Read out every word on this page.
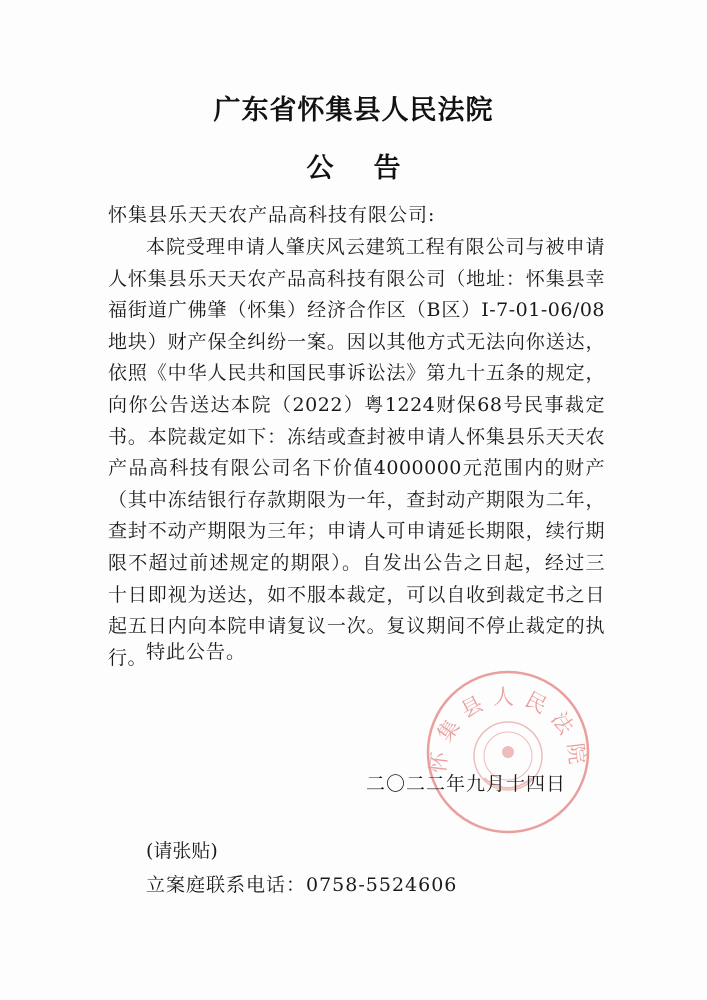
广东省怀集县人民法院
公告
怀集县乐天天农产品高科技有限公司:

本院受理申请人肇庆风云建筑工程有限公司与被申请人怀集县乐天天农产品高科技有限公司（地址：怀集县幸福街道广佛肇（怀集）经济合作区（B区）I-7-01-06/08地块）财产保全纠纷一案。因以其他方式无法向你送达，依照《中华人民共和国民事诉讼法》第九十五条的规定，向你公告送达本院（2022）粤1224财保68号民事裁定书。本院裁定如下：冻结或查封被申请人怀集县乐天天农产品高科技有限公司名下价值4000000元范围内的财产（其中冻结银行存款期限为一年，查封动产期限为二年，查封不动产期限为三年；申请人可申请延长期限，续行期限不超过前述规定的期限）。自发出公告之日起，经过三十日即视为送达，如不服本裁定，可以自收到裁定书之日起五日内向本院申请复议一次。复议期间不停止裁定的执行。

特此公告。
怀集县人民法院
二〇二二年九月十四日
(请张贴)
立案庭联系电话：0758-5524606
